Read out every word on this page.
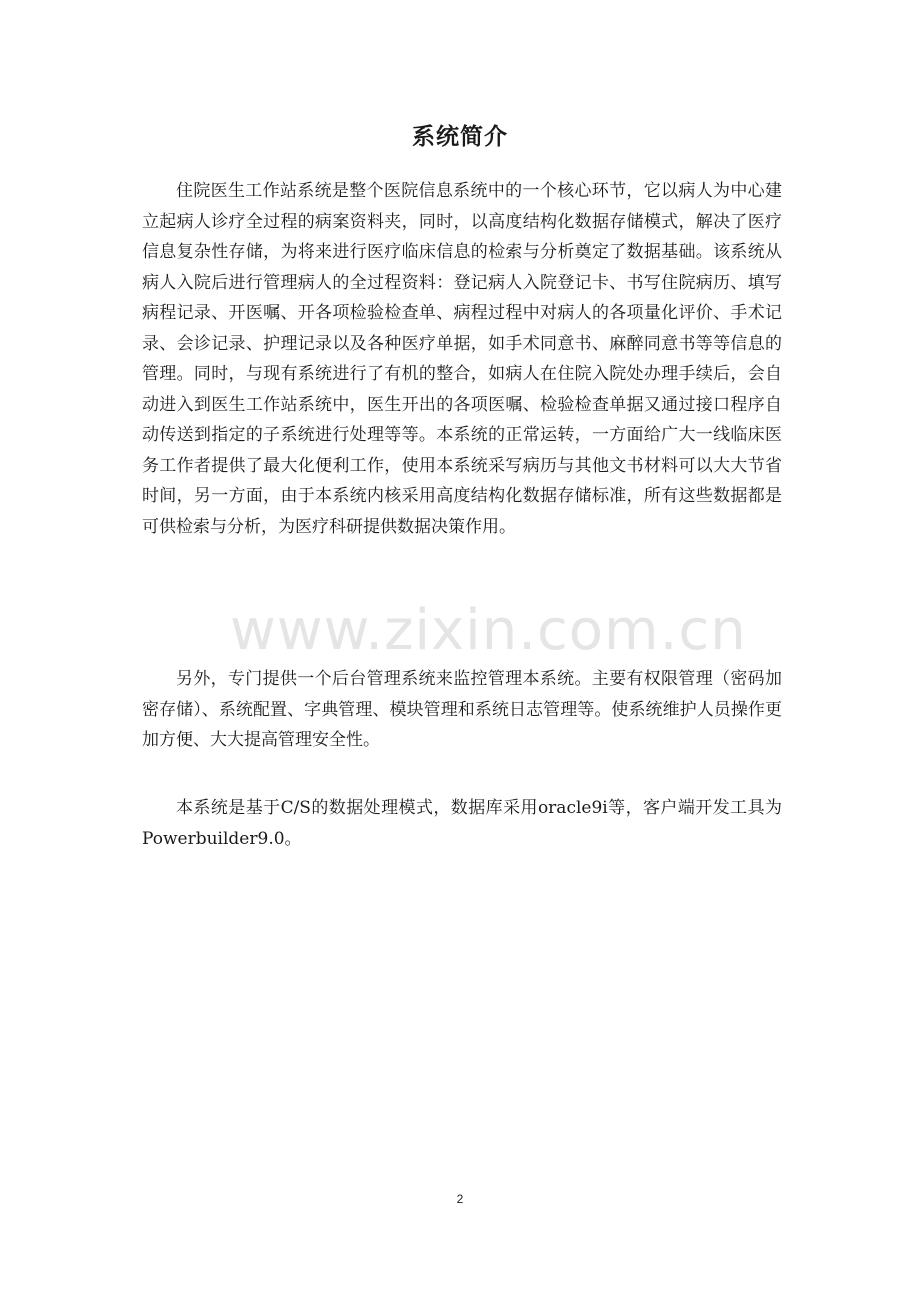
系统简介

住院医生工作站系统是整个医院信息系统中的一个核心环节，它以病人为中心建立起病人诊疗全过程的病案资料夹，同时，以高度结构化数据存储模式，解决了医疗信息复杂性存储，为将来进行医疗临床信息的检索与分析奠定了数据基础。该系统从病人入院后进行管理病人的全过程资料：登记病人入院登记卡、书写住院病历、填写病程记录、开医嘱、开各项检验检查单、病程过程中对病人的各项量化评价、手术记录、会诊记录、护理记录以及各种医疗单据，如手术同意书、麻醉同意书等等信息的管理。同时，与现有系统进行了有机的整合，如病人在住院入院处办理手续后，会自动进入到医生工作站系统中，医生开出的各项医嘱、检验检查单据又通过接口程序自动传送到指定的子系统进行处理等等。本系统的正常运转，一方面给广大一线临床医务工作者提供了最大化便利工作，使用本系统采写病历与其他文书材料可以大大节省时间，另一方面，由于本系统内核采用高度结构化数据存储标准，所有这些数据都是可供检索与分析，为医疗科研提供数据决策作用。

www.zixin.com.cn

另外，专门提供一个后台管理系统来监控管理本系统。主要有权限管理（密码加密存储）、系统配置、字典管理、模块管理和系统日志管理等。使系统维护人员操作更加方便、大大提高管理安全性。

本系统是基于C/S的数据处理模式，数据库采用oracle9i等，客户端开发工具为Powerbuilder9.0。

2
